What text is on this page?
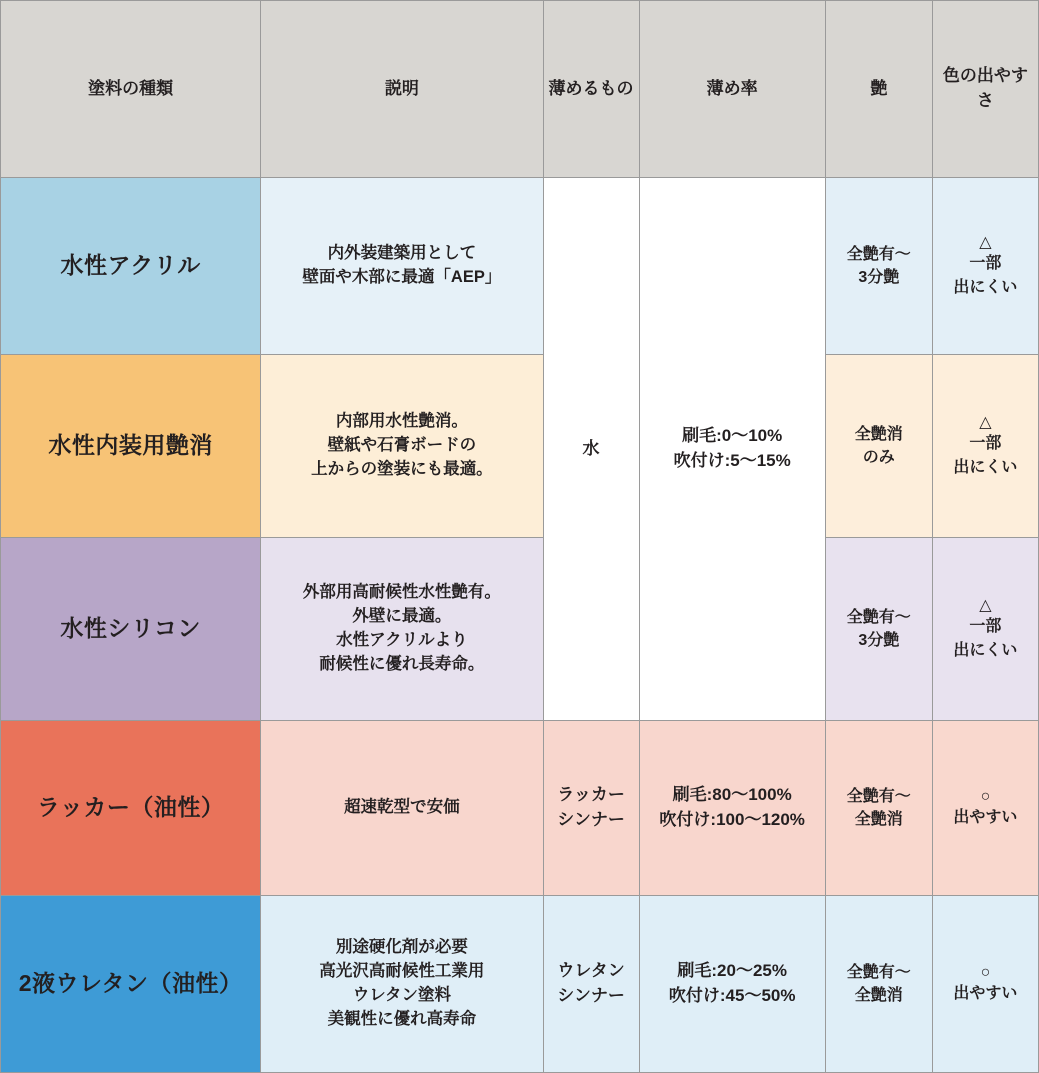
塗料の種類	説明	薄めるもの	薄め率	艶	色の出やすさ
水性アクリル	内外装建築用として
壁面や木部に最適「AEP」	水	刷毛:0〜10%
吹付け:5〜15%	全艶有〜
3分艶	△
一部
出にくい
水性内装用艶消	内部用水性艶消。
壁紙や石膏ボードの
上からの塗装にも最適。			全艶消
のみ	△
一部
出にくい
水性シリコン	外部用高耐候性水性艶有。
外壁に最適。
水性アクリルより
耐候性に優れ長寿命。			全艶有〜
3分艶	△
一部
出にくい
ラッカー（油性）	超速乾型で安価	ラッカー
シンナー	刷毛:80〜100%
吹付け:100〜120%	全艶有〜
全艶消	○
出やすい
2液ウレタン（油性）	別途硬化剤が必要
高光沢高耐候性工業用
ウレタン塗料
美観性に優れ高寿命	ウレタン
シンナー	刷毛:20〜25%
吹付け:45〜50%	全艶有〜
全艶消	○
出やすい
